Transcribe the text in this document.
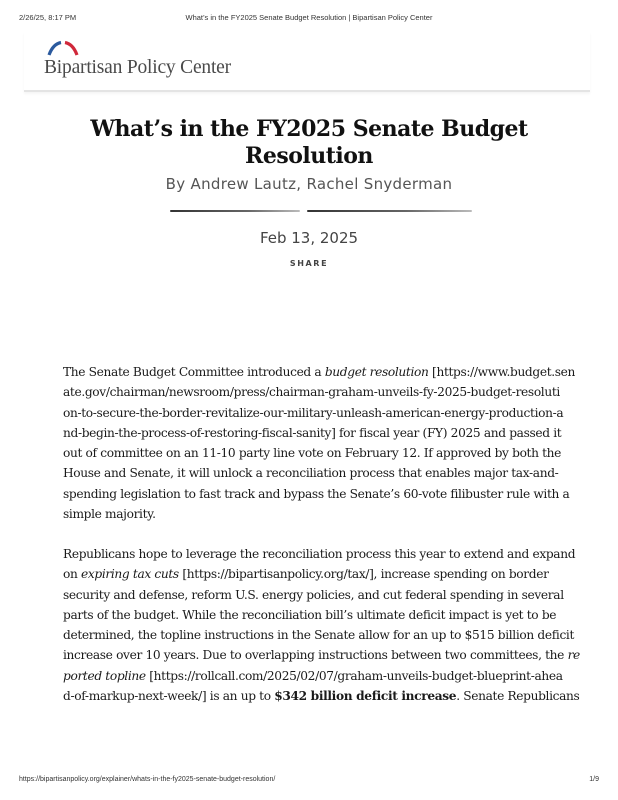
2/26/25, 8:17 PM	What’s in the FY2025 Senate Budget Resolution | Bipartisan Policy Center
Bipartisan Policy Center
What’s in the FY2025 Senate Budget
Resolution
By Andrew Lautz, Rachel Snyderman
Feb 13, 2025
SHARE
The Senate Budget Committee introduced a budget resolution [https://www.budget.sen
ate.gov/chairman/newsroom/press/chairman-graham-unveils-fy-2025-budget-resoluti
on-to-secure-the-border-revitalize-our-military-unleash-american-energy-production-a
nd-begin-the-process-of-restoring-fiscal-sanity] for fiscal year (FY) 2025 and passed it
out of committee on an 11-10 party line vote on February 12. If approved by both the
House and Senate, it will unlock a reconciliation process that enables major tax-and-
spending legislation to fast track and bypass the Senate’s 60-vote filibuster rule with a
simple majority.
Republicans hope to leverage the reconciliation process this year to extend and expand
on expiring tax cuts [https://bipartisanpolicy.org/tax/], increase spending on border
security and defense, reform U.S. energy policies, and cut federal spending in several
parts of the budget. While the reconciliation bill’s ultimate deficit impact is yet to be
determined, the topline instructions in the Senate allow for an up to $515 billion deficit
increase over 10 years. Due to overlapping instructions between two committees, the re
ported topline [https://rollcall.com/2025/02/07/graham-unveils-budget-blueprint-ahea
d-of-markup-next-week/] is an up to $342 billion deficit increase. Senate Republicans
https://bipartisanpolicy.org/explainer/whats-in-the-fy2025-senate-budget-resolution/	1/9
